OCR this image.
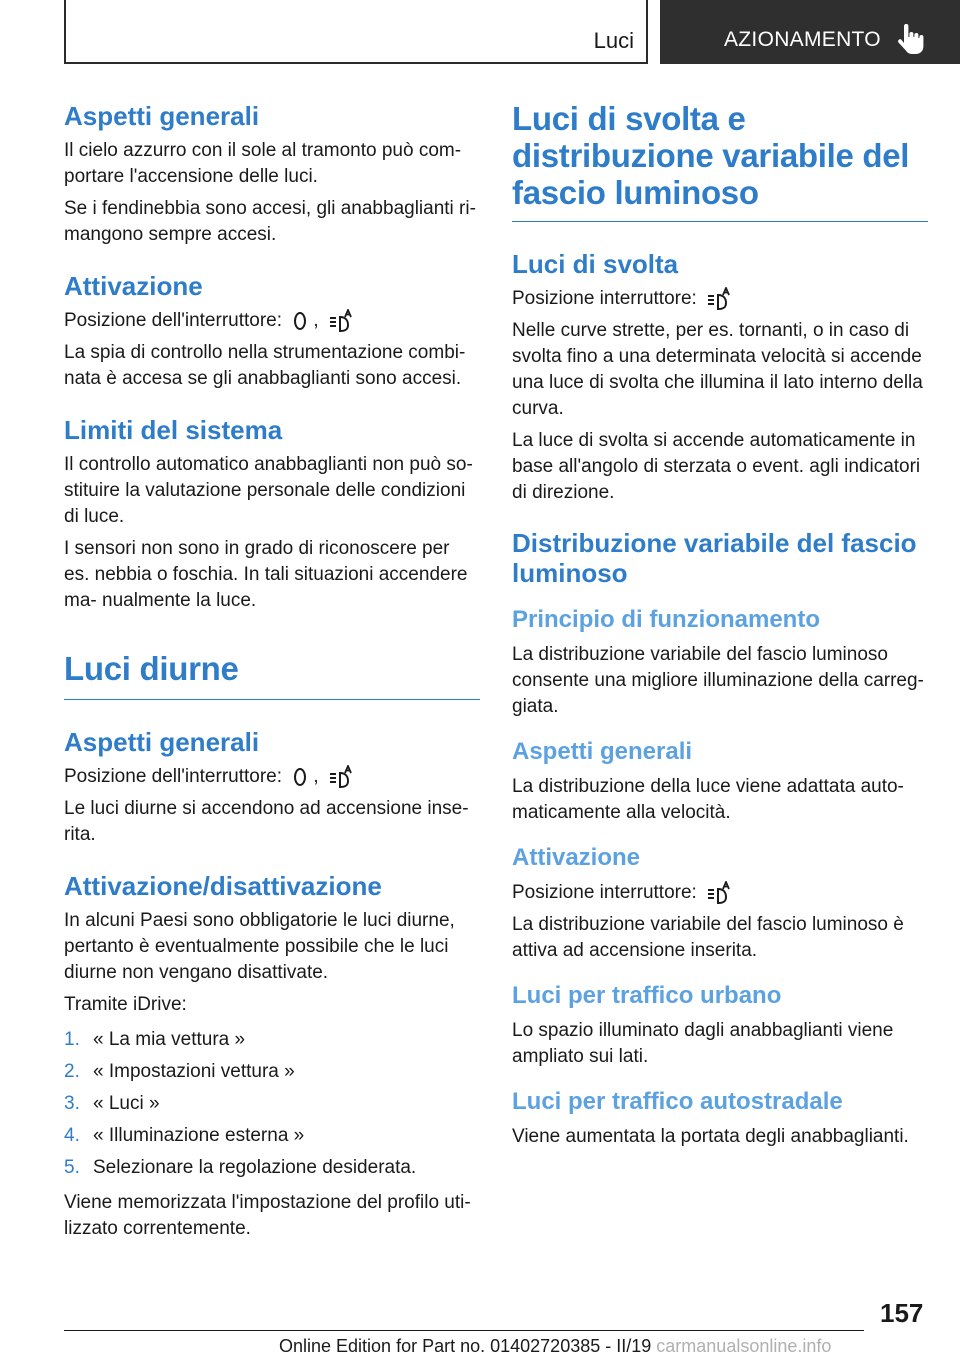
Luci	AZIONAMENTO
Aspetti generali

Il cielo azzurro con il sole al tramonto può com- portare l'accensione delle luci.

Se i fendinebbia sono accesi, gli anabbaglianti ri- mangono sempre accesi.

Attivazione

Posizione dell'interruttore: ,

La spia di controllo nella strumentazione combi- nata è accesa se gli anabbaglianti sono accesi.

Limiti del sistema

Il controllo automatico anabbaglianti non può so- stituire la valutazione personale delle condizioni di luce.

I sensori non sono in grado di riconoscere per es. nebbia o foschia. In tali situazioni accendere ma- nualmente la luce.

Luci diurne
Aspetti generali

Posizione dell'interruttore: ,

Le luci diurne si accendono ad accensione inse- rita.

Attivazione/disattivazione

In alcuni Paesi sono obbligatorie le luci diurne, pertanto è eventualmente possibile che le luci diurne non vengano disattivate.

Tramite iDrive:

1. « La mia vettura »
2. « Impostazioni vettura »
3. « Luci »
4. « Illuminazione esterna »
5. Selezionare la regolazione desiderata.

Viene memorizzata l'impostazione del profilo uti- lizzato correntemente.

Luci di svolta e distribuzione variabile del fascio luminoso
Luci di svolta

Posizione interruttore:

Nelle curve strette, per es. tornanti, o in caso di svolta fino a una determinata velocità si accende una luce di svolta che illumina il lato interno della curva.

La luce di svolta si accende automaticamente in base all'angolo di sterzata o event. agli indicatori di direzione.

Distribuzione variabile del fascio luminoso
Principio di funzionamento

La distribuzione variabile del fascio luminoso consente una migliore illuminazione della carreg- giata.

Aspetti generali

La distribuzione della luce viene adattata auto- maticamente alla velocità.

Attivazione

Posizione interruttore:

La distribuzione variabile del fascio luminoso è attiva ad accensione inserita.

Luci per traffico urbano

Lo spazio illuminato dagli anabbaglianti viene ampliato sui lati.

Luci per traffico autostradale

Viene aumentata la portata degli anabbaglianti.

157
Online Edition for Part no. 01402720385 - II/19 carmanualsonline.info
